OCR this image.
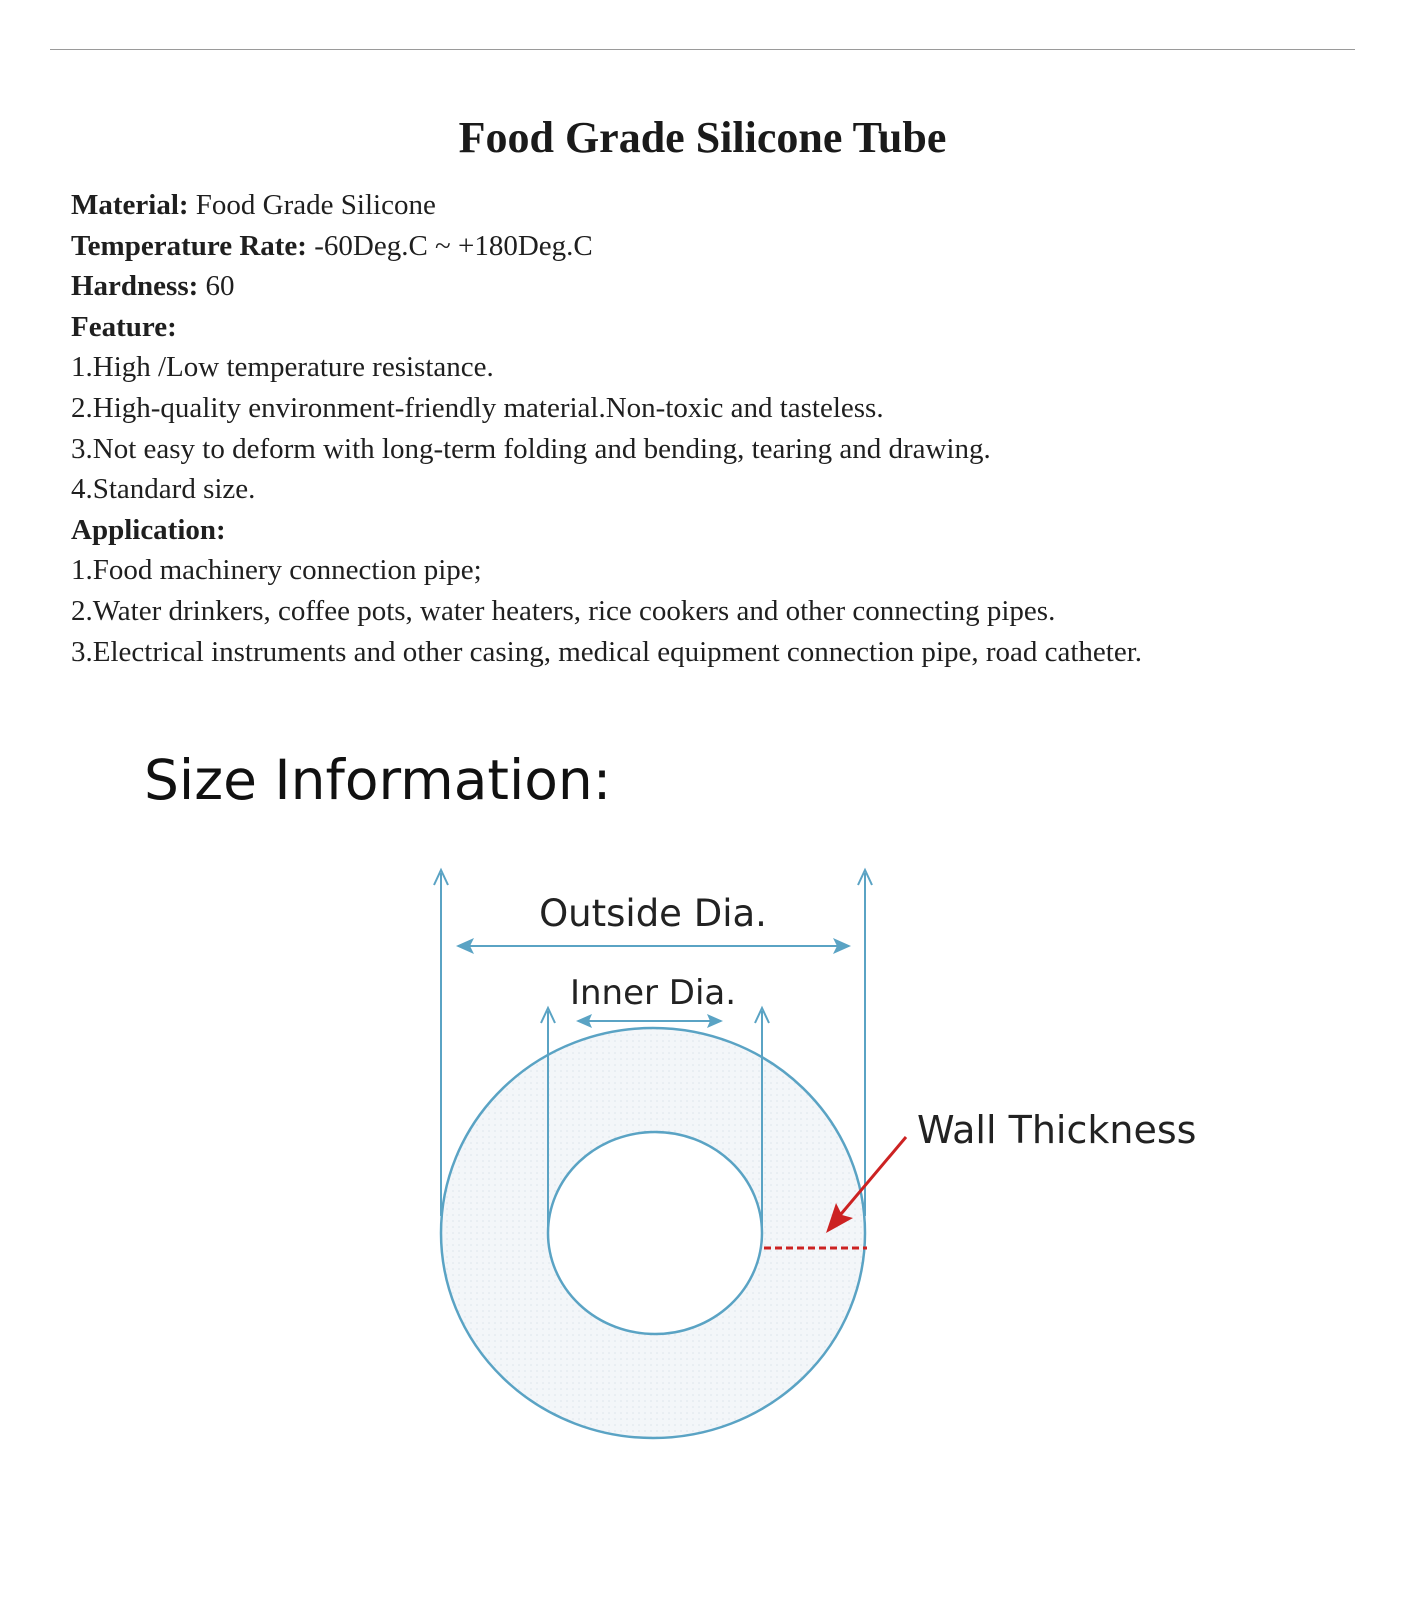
Food Grade Silicone Tube
Material: Food Grade Silicone
Temperature Rate: -60Deg.C ~ +180Deg.C
Hardness: 60
Feature:
1.High /Low temperature resistance.
2.High-quality environment-friendly material.Non-toxic and tasteless.
3.Not easy to deform with long-term folding and bending, tearing and drawing.
4.Standard size.
Application:
1.Food machinery connection pipe;
2.Water drinkers, coffee pots, water heaters, rice cookers and other connecting pipes.
3.Electrical instruments and other casing, medical equipment connection pipe, road catheter.
Size Information:
Outside Dia.
Inner Dia.
Wall Thickness
